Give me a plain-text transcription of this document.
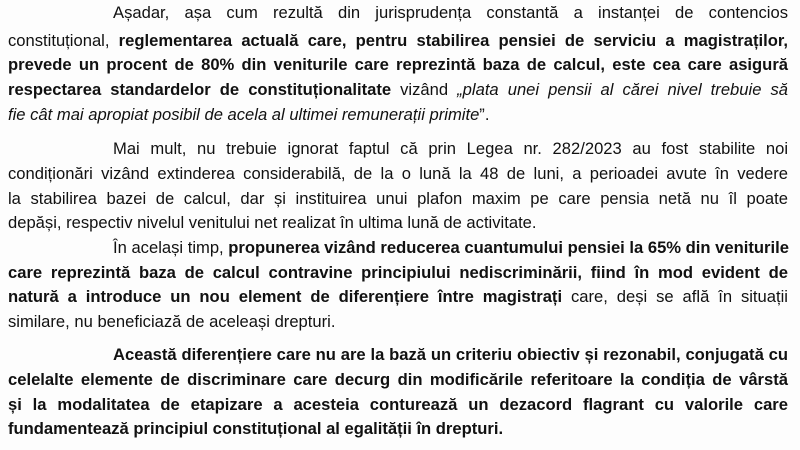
Așadar, așa cum rezultă din jurisprudența constantă a instanței de contencios
constituțional, reglementarea actuală care, pentru stabilirea pensiei de serviciu a magistraților,
prevede un procent de 80% din veniturile care reprezintă baza de calcul, este cea care asigură
respectarea standardelor de constituționalitate vizând „plata unei pensii al cărei nivel trebuie să
fie cât mai apropiat posibil de acela al ultimei remunerații primite”.
Mai mult, nu trebuie ignorat faptul că prin Legea nr. 282/2023 au fost stabilite noi
condiționări vizând extinderea considerabilă, de la o lună la 48 de luni, a perioadei avute în vedere
la stabilirea bazei de calcul, dar și instituirea unui plafon maxim pe care pensia netă nu îl poate
depăși, respectiv nivelul venitului net realizat în ultima lună de activitate.
În același timp, propunerea vizând reducerea cuantumului pensiei la 65% din veniturile
care reprezintă baza de calcul contravine principiului nediscriminării, fiind în mod evident de
natură a introduce un nou element de diferențiere între magistrați care, deși se află în situații
similare, nu beneficiază de aceleași drepturi.
Această diferențiere care nu are la bază un criteriu obiectiv și rezonabil, conjugată cu
celelalte elemente de discriminare care decurg din modificările referitoare la condiția de vârstă
și la modalitatea de etapizare a acesteia conturează un dezacord flagrant cu valorile care
fundamentează principiul constituțional al egalității în drepturi.
